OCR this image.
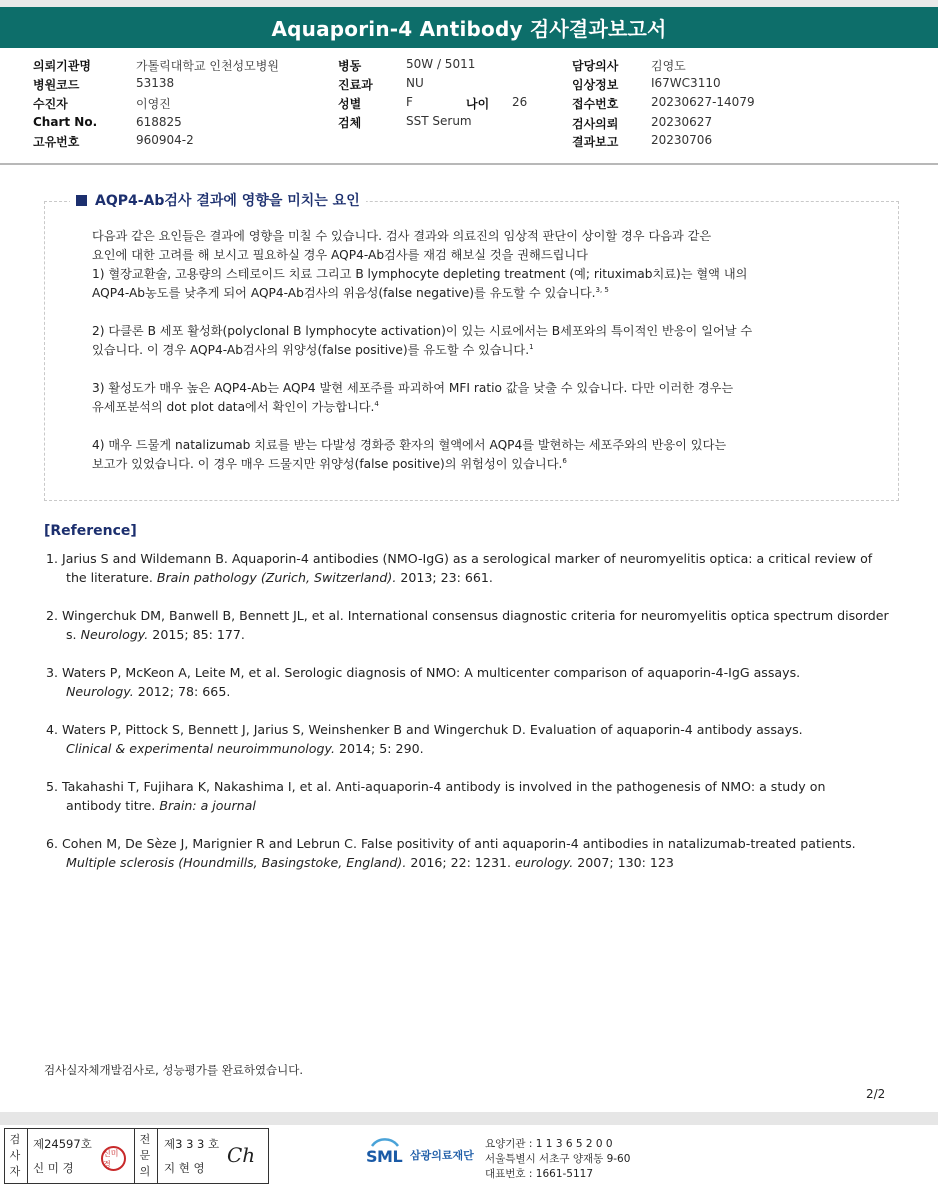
Aquaporin-4 Antibody 검사결과보고서
의뢰기관명	가톨릭대학교 인천성모병원
병원코드	53138
수진자	이영진
Chart No.	618825
고유번호	960904-2
병동	50W / 5011
진료과	NU
성별	F	나이 26
검체	SST Serum
담당의사	김영도
임상정보	I67WC3110
접수번호	20230627-14079
검사의뢰	20230627
결과보고	20230706
AQP4-Ab검사 결과에 영향을 미치는 요인

다음과 같은 요인들은 결과에 영향을 미칠 수 있습니다. 검사 결과와 의료진의 임상적 판단이 상이할 경우 다음과 같은

요인에 대한 고려를 해 보시고 필요하실 경우 AQP4-Ab검사를 재검 해보실 것을 권해드립니다

1) 혈장교환술, 고용량의 스테로이드 치료 그리고 B lymphocyte depleting treatment (예; rituximab치료)는 혈액 내의

AQP4-Ab농도를 낮추게 되어 AQP4-Ab검사의 위음성(false negative)를 유도할 수 있습니다.$^{3, 5}$

2) 다클론 B 세포 활성화(polyclonal B lymphocyte activation)이 있는 시료에서는 B세포와의 특이적인 반응이 일어날 수

있습니다. 이 경우 AQP4-Ab검사의 위양성(false positive)를 유도할 수 있습니다.$^1$

3) 활성도가 매우 높은 AQP4-Ab는 AQP4 발현 세포주를 파괴하여 MFI ratio 값을 낮출 수 있습니다. 다만 이러한 경우는

유세포분석의 dot plot data에서 확인이 가능합니다.$^4$

4) 매우 드물게 natalizumab 치료를 받는 다발성 경화증 환자의 혈액에서 AQP4를 발현하는 세포주와의 반응이 있다는

보고가 있었습니다. 이 경우 매우 드물지만 위양성(false positive)의 위험성이 있습니다.$^6$

[Reference]
1. Jarius S and Wildemann B. Aquaporin-4 antibodies (NMO-IgG) as a serological marker of neuromyelitis optica: a critical review of
the literature. Brain pathology (Zurich, Switzerland). 2013; 23: 661.
2. Wingerchuk DM, Banwell B, Bennett JL, et al. International consensus diagnostic criteria for neuromyelitis optica spectrum disorder
s. Neurology. 2015; 85: 177.
3. Waters P, McKeon A, Leite M, et al. Serologic diagnosis of NMO: A multicenter comparison of aquaporin-4-IgG assays.
Neurology. 2012; 78: 665.
4. Waters P, Pittock S, Bennett J, Jarius S, Weinshenker B and Wingerchuk D. Evaluation of aquaporin-4 antibody assays.
Clinical & experimental neuroimmunology. 2014; 5: 290.
5. Takahashi T, Fujihara K, Nakashima I, et al. Anti-aquaporin-4 antibody is involved in the pathogenesis of NMO: a study on
antibody titre. Brain: a journal
6. Cohen M, De Sèze J, Marignier R and Lebrun C. False positivity of anti aquaporin-4 antibodies in natalizumab-treated patients.
Multiple sclerosis (Houndmills, Basingstoke, England). 2016; 22: 1231. eurology. 2007; 130: 123
검사실자체개발검사로, 성능평가를 완료하였습니다.
2/2
검
사
자
제24597호
신 미 경
신미경
전
문
의
제3 3 3 호
지 현 영
Ch	SML 삼광의료재단
요양기관 : 1 1 3 6 5 2 0 0
서울특별시 서초구 양재동 9-60
대표번호 : 1661-5117
